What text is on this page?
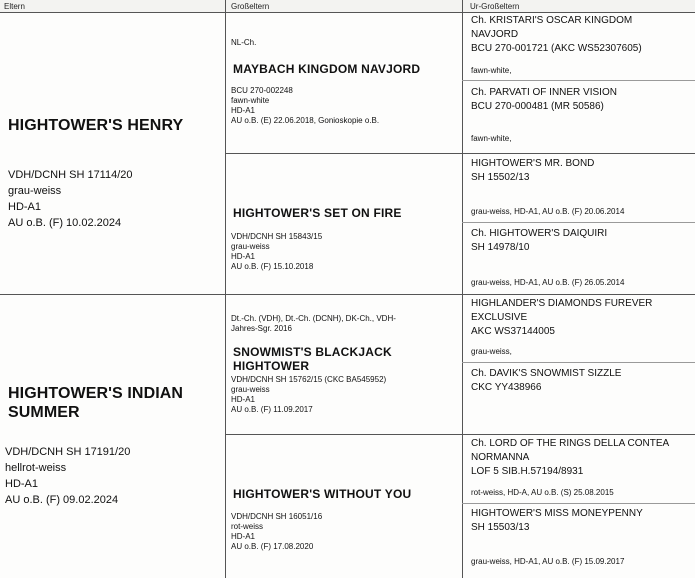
Eltern	Großeltern	Ur-Großeltern
HIGHTOWER'S HENRY
VDH/DCNH SH 17114/20
grau-weiss
HD-A1
AU o.B. (F) 10.02.2024
HIGHTOWER'S INDIAN
SUMMER
VDH/DCNH SH 17191/20
hellrot-weiss
HD-A1
AU o.B. (F) 09.02.2024
NL-Ch.
MAYBACH KINGDOM NAVJORD
BCU 270-002248
fawn-white
HD-A1
AU o.B. (E) 22.06.2018, Gonioskopie o.B.
HIGHTOWER'S SET ON FIRE
VDH/DCNH SH 15843/15
grau-weiss
HD-A1
AU o.B. (F) 15.10.2018
Dt.-Ch. (VDH), Dt.-Ch. (DCNH), DK-Ch., VDH-
Jahres-Sgr. 2016
SNOWMIST'S BLACKJACK
HIGHTOWER
VDH/DCNH SH 15762/15 (CKC BA545952)
grau-weiss
HD-A1
AU o.B. (F) 11.09.2017
HIGHTOWER'S WITHOUT YOU
VDH/DCNH SH 16051/16
rot-weiss
HD-A1
AU o.B. (F) 17.08.2020
Ch. KRISTARI'S OSCAR KINGDOM
NAVJORD
BCU 270-001721 (AKC WS52307605)
fawn-white,
Ch. PARVATI OF INNER VISION
BCU 270-000481 (MR 50586)
fawn-white,
HIGHTOWER'S MR. BOND
SH 15502/13
grau-weiss, HD-A1, AU o.B. (F) 20.06.2014
Ch. HIGHTOWER'S DAIQUIRI
SH 14978/10
grau-weiss, HD-A1, AU o.B. (F) 26.05.2014
HIGHLANDER'S DIAMONDS FUREVER
EXCLUSIVE
AKC WS37144005
grau-weiss,
Ch. DAVIK'S SNOWMIST SIZZLE
CKC YY438966
Ch. LORD OF THE RINGS DELLA CONTEA
NORMANNA
LOF 5 SIB.H.57194/8931
rot-weiss, HD-A, AU o.B. (S) 25.08.2015
HIGHTOWER'S MISS MONEYPENNY
SH 15503/13
grau-weiss, HD-A1, AU o.B. (F) 15.09.2017
